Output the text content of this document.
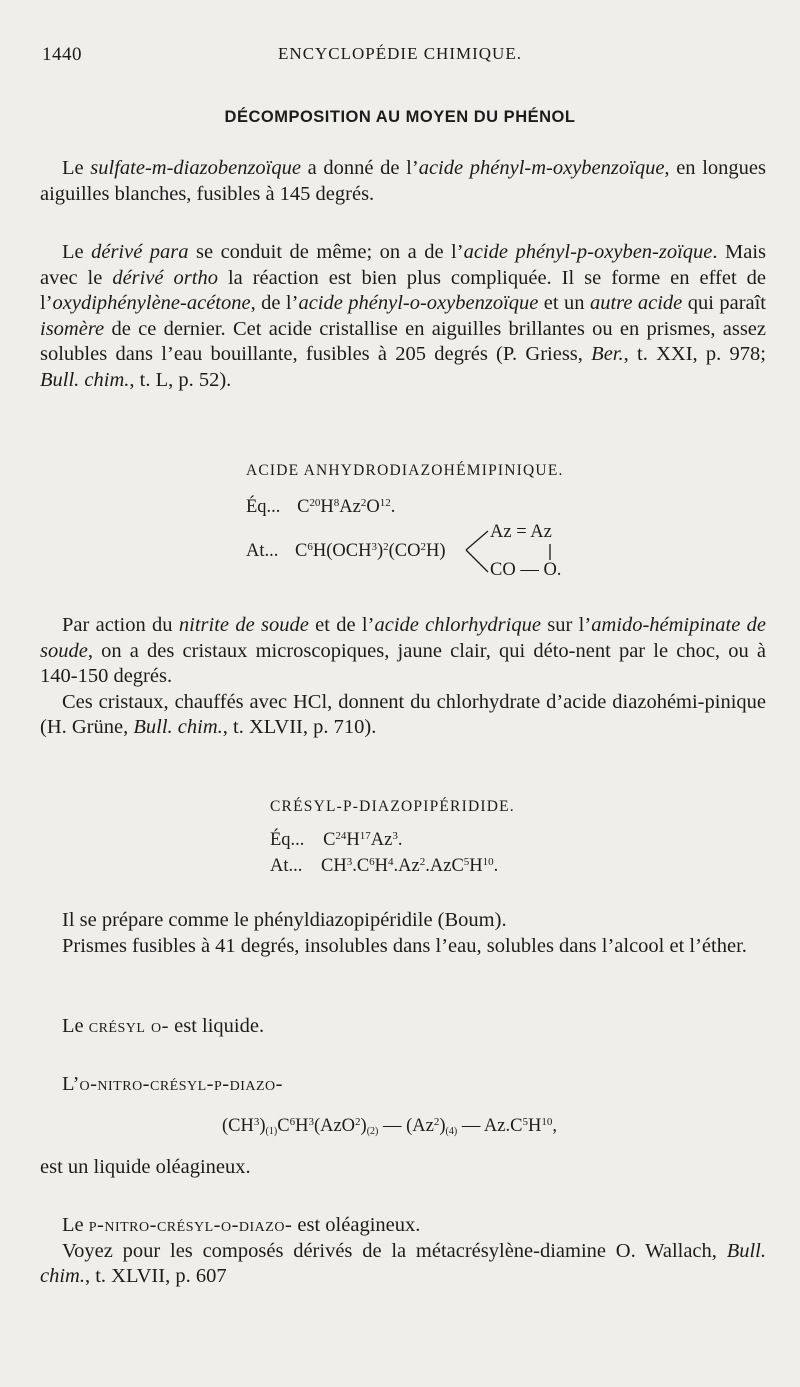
1440	ENCYCLOPÉDIE CHIMIQUE.
DÉCOMPOSITION AU MOYEN DU PHÉNOL

Le sulfate-m-diazobenzoïque a donné de l’acide phényl-m-oxybenzoïque, en longues aiguilles blanches, fusibles à 145 degrés.

Le dérivé para se conduit de même; on a de l’acide phényl-p-oxyben-zoïque. Mais avec le dérivé ortho la réaction est bien plus compliquée. Il se forme en effet de l’oxydiphénylène-acétone, de l’acide phényl-o-oxybenzoïque et un autre acide qui paraît isomère de ce dernier. Cet acide cristallise en aiguilles brillantes ou en prismes, assez solubles dans l’eau bouillante, fusibles à 205 degrés (P. Griess, Ber., t. XXI, p. 978; Bull. chim., t. L, p. 52).

ACIDE ANHYDRODIAZOHÉMIPINIQUE.
Éq... $C^{20}H^8Az^2O^{12}$.
At... $C^6H(OCH^3)^2(CO^2H)$
Az = Az
CO — O.

Par action du nitrite de soude et de l’acide chlorhydrique sur l’amido-hémipinate de soude, on a des cristaux microscopiques, jaune clair, qui déto-nent par le choc, ou à 140-150 degrés.

Ces cristaux, chauffés avec HCl, donnent du chlorhydrate d’acide diazohémi-pinique (H. Grüne, Bull. chim., t. XLVII, p. 710).

CRÉSYL-P-DIAZOPIPÉRIDIDE.
Éq... $C^{24}H^{17}Az^3$.
At... $CH^3.C^6H^4.Az^2.AzC^5H^{10}$.

Il se prépare comme le phényldiazopipéridile (Boum).

Prismes fusibles à 41 degrés, insolubles dans l’eau, solubles dans l’alcool et l’éther.

Le crésyl o- est liquide.

L’o-nitro-crésyl-p-diazo-

$(CH^3)_{(1)}C^6H^3(AzO^2)_{(2)}$ — $(Az^2)_{(4)}$ — $Az.C^5H^{10}$,

est un liquide oléagineux.

Le p-nitro-crésyl-o-diazo- est oléagineux.

Voyez pour les composés dérivés de la métacrésylène-diamine O. Wallach, Bull. chim., t. XLVII, p. 607
